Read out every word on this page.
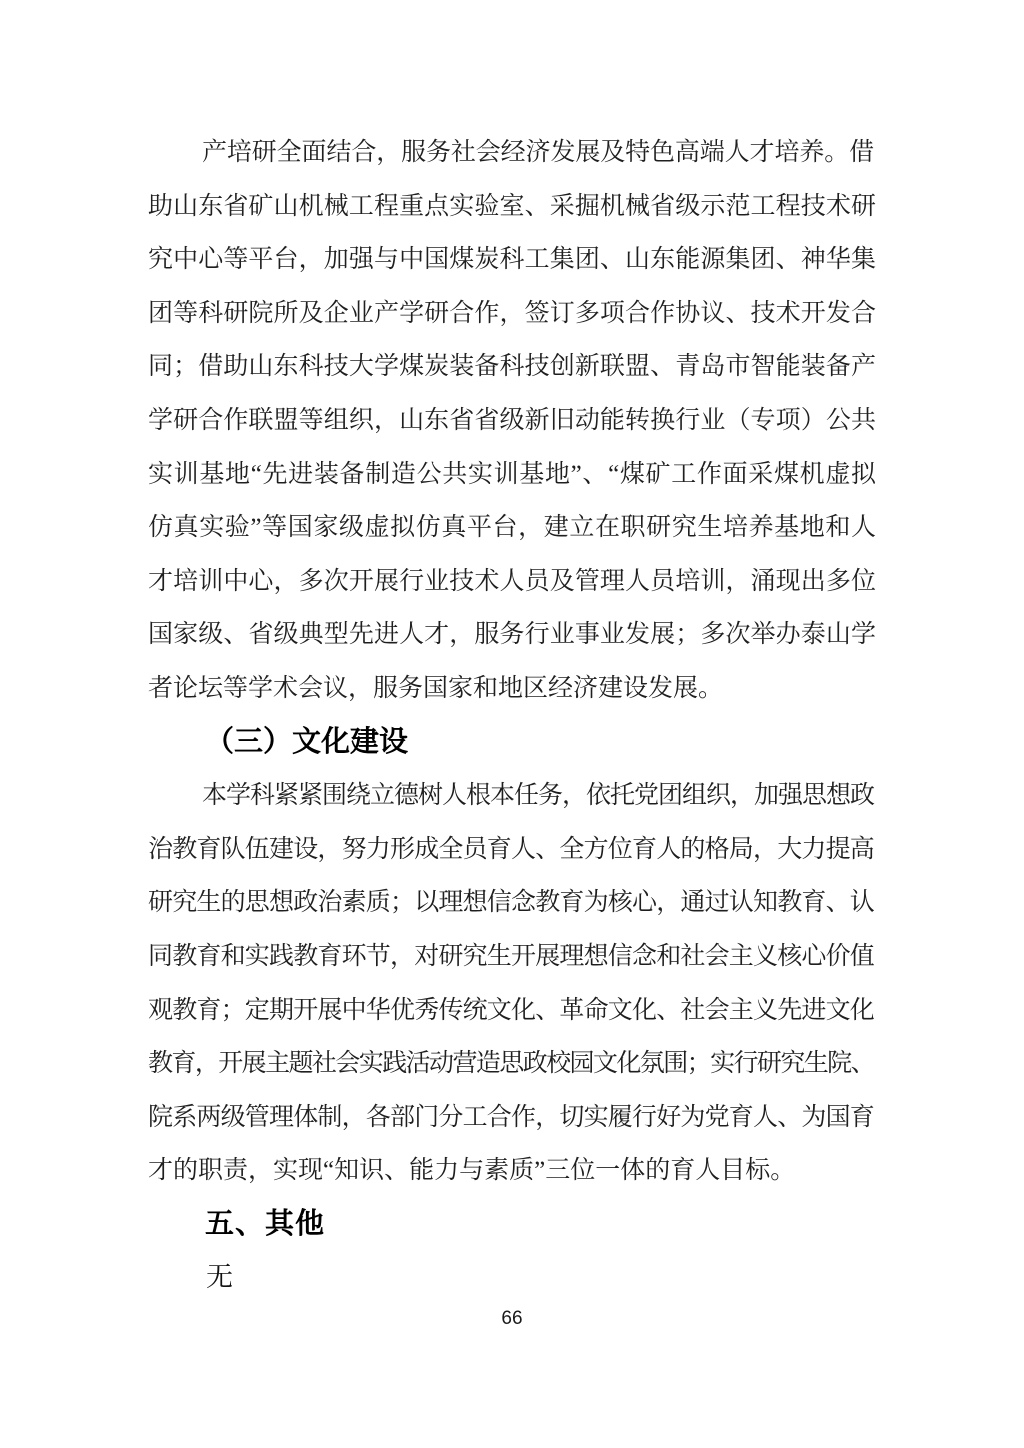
产培研全面结合，服务社会经济发展及特色高端人才培养。借

助山东省矿山机械工程重点实验室、采掘机械省级示范工程技术研

究中心等平台，加强与中国煤炭科工集团、山东能源集团、神华集

团等科研院所及企业产学研合作，签订多项合作协议、技术开发合

同；借助山东科技大学煤炭装备科技创新联盟、青岛市智能装备产

学研合作联盟等组织，山东省省级新旧动能转换行业（专项）公共

实训基地“先进装备制造公共实训基地”、“煤矿工作面采煤机虚拟

仿真实验”等国家级虚拟仿真平台，建立在职研究生培养基地和人

才培训中心，多次开展行业技术人员及管理人员培训，涌现出多位

国家级、省级典型先进人才，服务行业事业发展；多次举办泰山学

者论坛等学术会议，服务国家和地区经济建设发展。

（三）文化建设

本学科紧紧围绕立德树人根本任务，依托党团组织，加强思想政

治教育队伍建设，努力形成全员育人、全方位育人的格局，大力提高

研究生的思想政治素质；以理想信念教育为核心，通过认知教育、认

同教育和实践教育环节，对研究生开展理想信念和社会主义核心价值

观教育；定期开展中华优秀传统文化、革命文化、社会主义先进文化

教育，开展主题社会实践活动营造思政校园文化氛围；实行研究生院、

院系两级管理体制，各部门分工合作，切实履行好为党育人、为国育

才的职责，实现“知识、能力与素质”三位一体的育人目标。

五、其他

无

66
